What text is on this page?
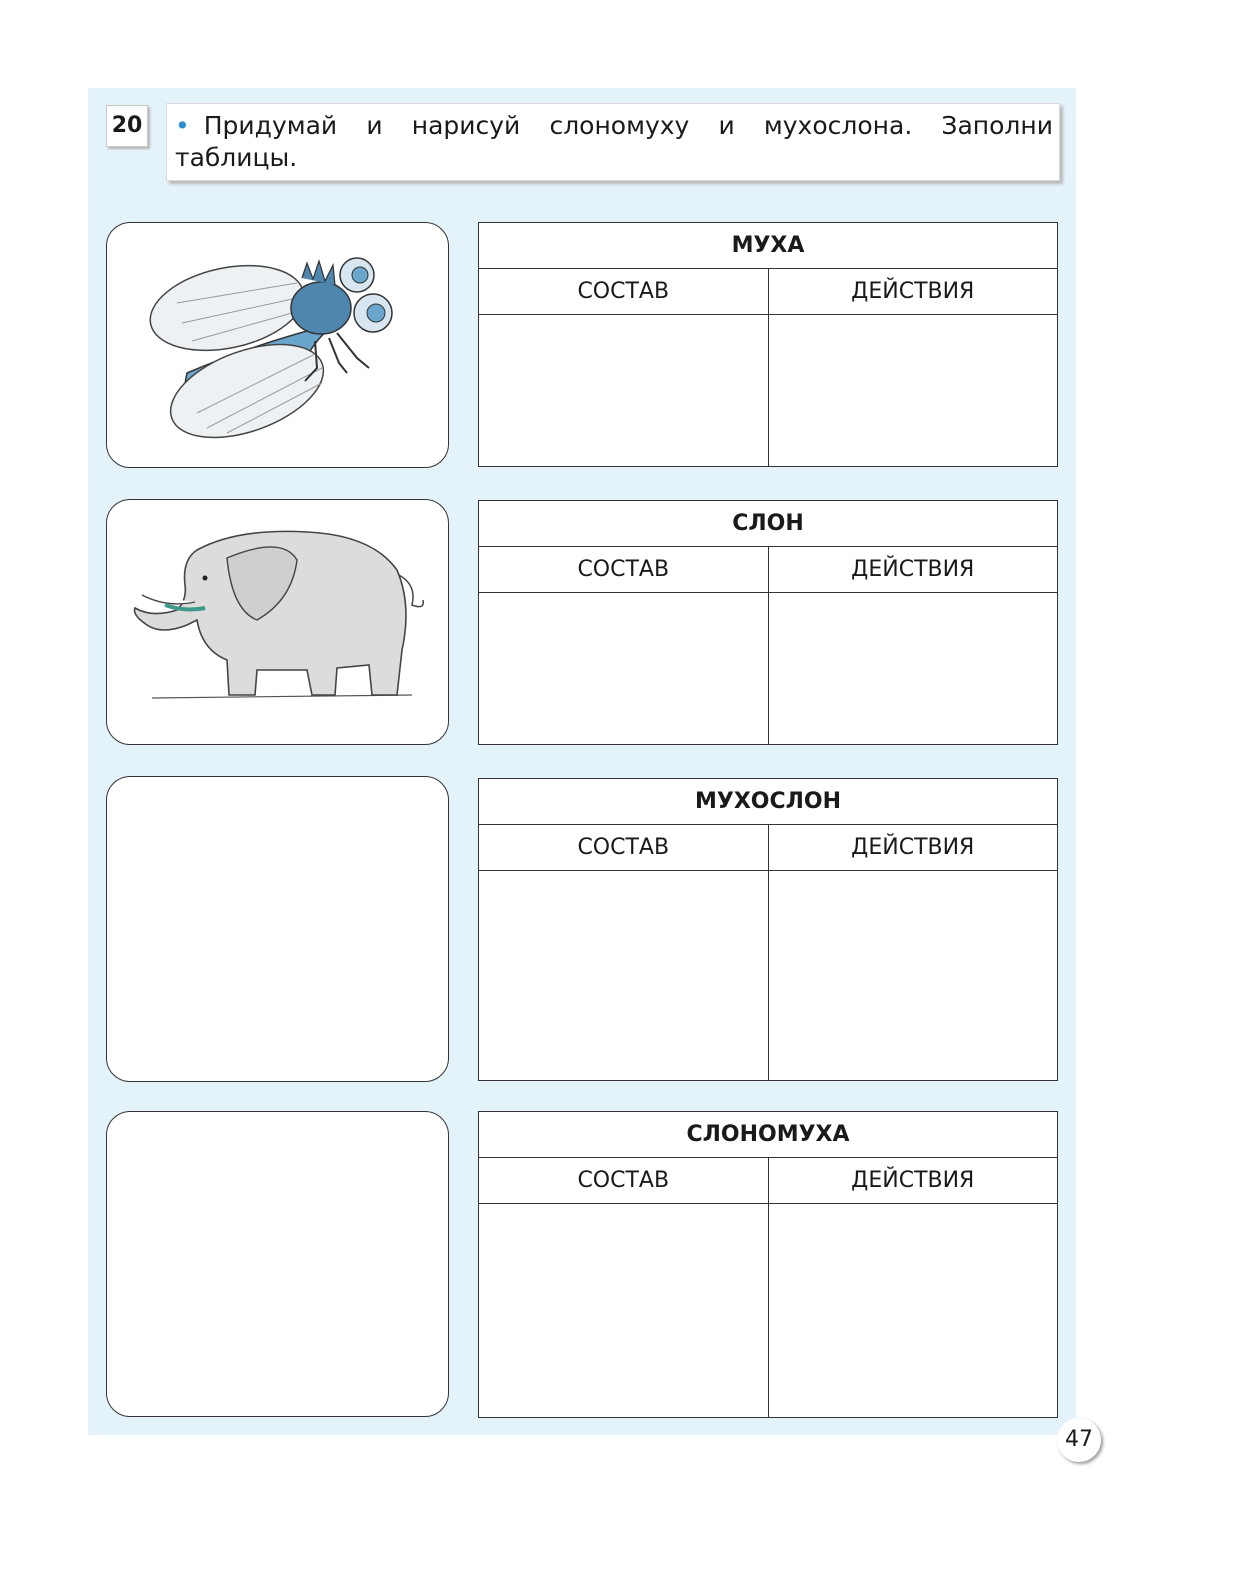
20	• Придумай и нарисуй слономуху и мухослона. Заполни таблицы.
МУХА	
СОСТАВ	ДЕЙСТВИЯ

СЛОН	
СОСТАВ	ДЕЙСТВИЯ

МУХОСЛОН	
СОСТАВ	ДЕЙСТВИЯ

СЛОНОМУХА	
СОСТАВ	ДЕЙСТВИЯ

47
